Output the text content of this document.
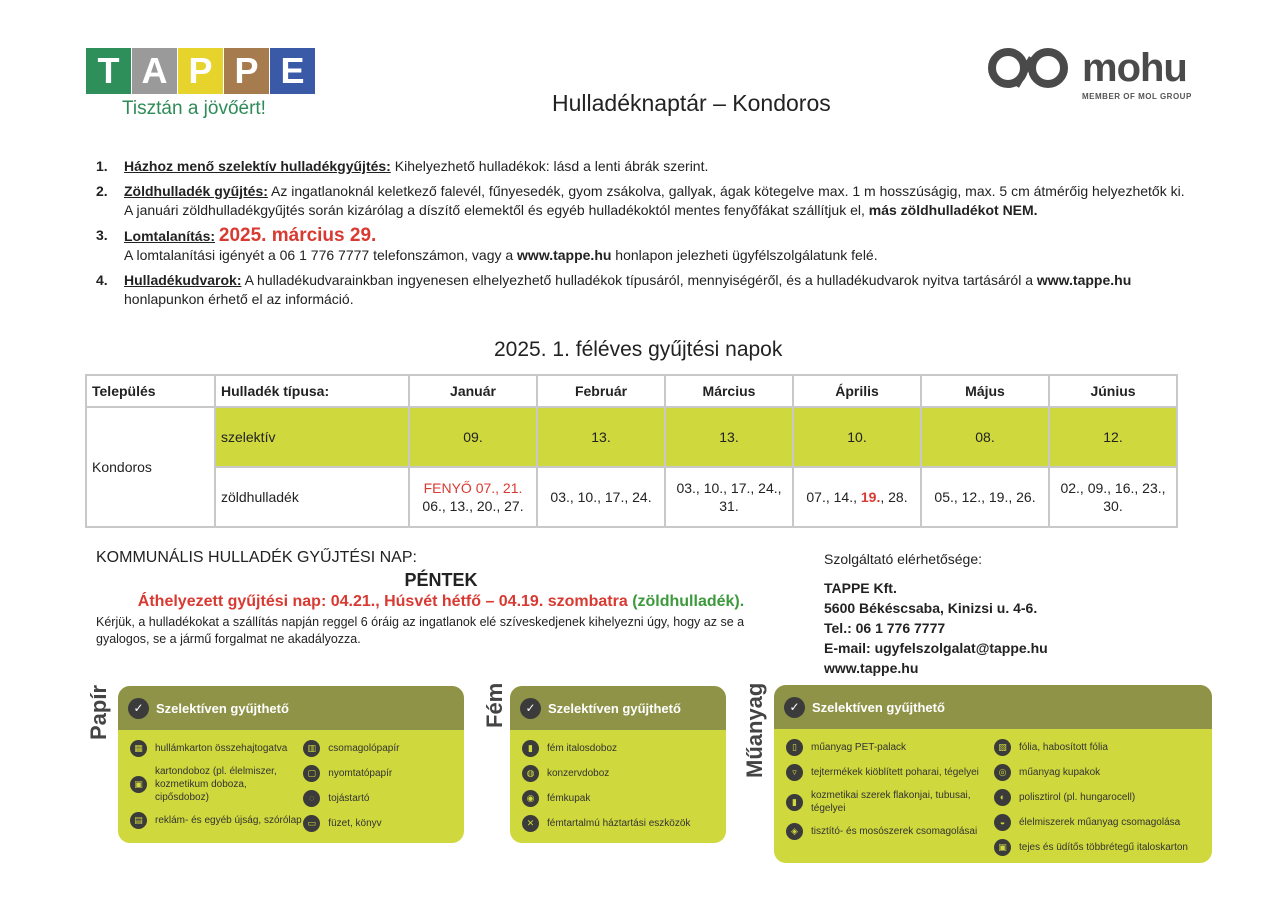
T A P P E
Tisztán a jövőért!
mohu
MEMBER OF MOL GROUP
Hulladéknaptár – Kondoros
1.	Házhoz menő szelektív hulladékgyűjtés: Kihelyezhető hulladékok: lásd a lenti ábrák szerint.
2.	Zöldhulladék gyűjtés: Az ingatlanoknál keletkező falevél, fűnyesedék, gyom zsákolva, gallyak, ágak kötegelve max. 1 m hosszúságig, max. 5 cm átmérőig helyezhetők ki. A januári zöldhulladékgyűjtés során kizárólag a díszítő elemektől és egyéb hulladékoktól mentes fenyőfákat szállítjuk el, más zöldhulladékot NEM.
3.	Lomtalanítás: 2025. március 29.
A lomtalanítási igényét a 06 1 776 7777 telefonszámon, vagy a www.tappe.hu honlapon jelezheti ügyfélszolgálatunk felé.
4.	Hulladékudvarok: A hulladékudvarainkban ingyenesen elhelyezhető hulladékok típusáról, mennyiségéről, és a hulladékudvarok nyitva tartásáról a www.tappe.hu honlapunkon érhető el az információ.
2025. 1. féléves gyűjtési napok
Település	Hulladék típusa:	Január	Február	Március	Április	Május	Június
Kondoros	szelektív	09.	13.	13.	10.	08.	12.
	zöldhulladék	FENYŐ 07., 21.
06., 13., 20., 27.	03., 10., 17., 24.	03., 10., 17., 24., 31.	07., 14., 19., 28.	05., 12., 19., 26.	02., 09., 16., 23., 30.
KOMMUNÁLIS HULLADÉK GYŰJTÉSI NAP:
PÉNTEK
Áthelyezett gyűjtési nap: 04.21., Húsvét hétfő – 04.19. szombatra (zöldhulladék).
Kérjük, a hulladékokat a szállítás napján reggel 6 óráig az ingatlanok elé szíveskedjenek kihelyezni úgy, hogy az se a gyalogos, se a jármű forgalmat ne akadályozza.
Szolgáltató elérhetősége:
TAPPE Kft.
5600 Békéscsaba, Kinizsi u. 4-6.
Tel.: 06 1 776 7777
E-mail: ugyfelszolgalat@tappe.hu
www.tappe.hu
Papír	✓ Szelektíven gyűjthető
▦	hullámkarton összehajtogatva
▣
kartondoboz (pl. élelmiszer, kozmetikum doboza, cipősdoboz)
▤	reklám- és egyéb újság, szórólap
▥	csomagolópapír
▢	nyomtatópapír
◌	tojástartó
▭	füzet, könyv
Fém	✓ Szelektíven gyűjthető
▮	fém italosdoboz
◍	konzervdoboz
◉	fémkupak
✕	fémtartalmú háztartási eszközök
Műanyag	✓ Szelektíven gyűjthető
▯	műanyag PET-palack
▿	tejtermékek kiöblített poharai, tégelyei
▮
kozmetikai szerek flakonjai, tubusai, tégelyei
◈	tisztító- és mosószerek csomagolásai
▧	fólia, habosított fólia
◎	műanyag kupakok
◐	polisztirol (pl. hungarocell)
◒	élelmiszerek műanyag csomagolása
▣	tejes és üdítős többrétegű italoskarton
